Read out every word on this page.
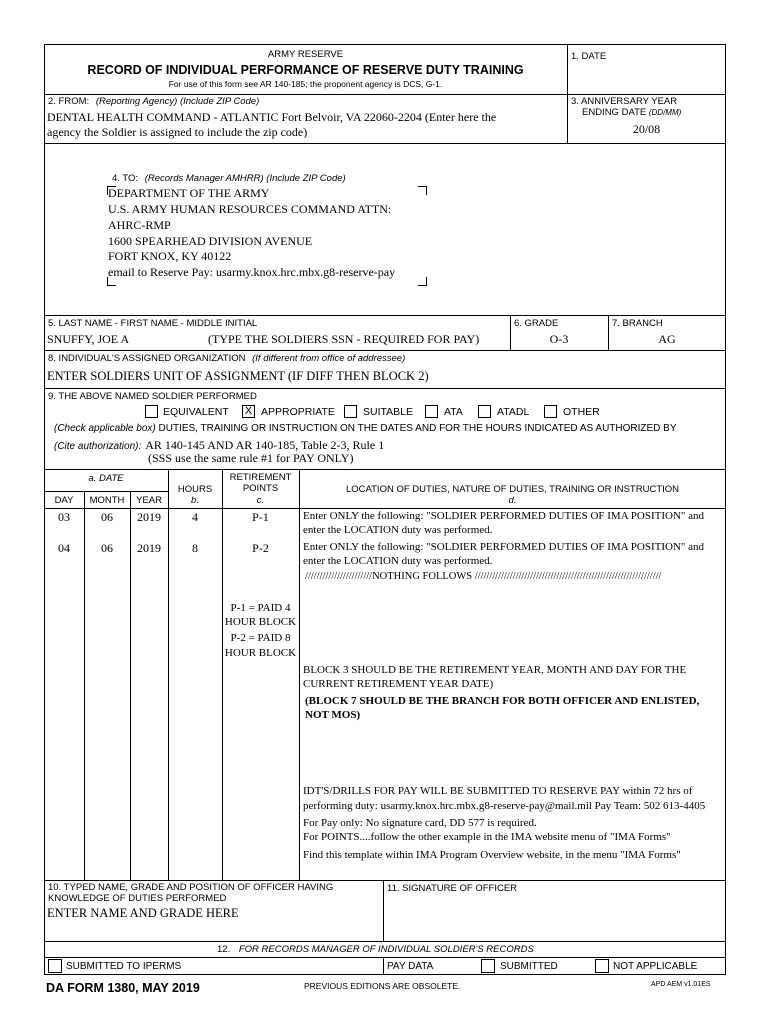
ARMY RESERVE
RECORD OF INDIVIDUAL PERFORMANCE OF RESERVE DUTY TRAINING
For use of this form see AR 140-185; the proponent agency is DCS, G-1.
1. DATE
2. FROM: (Reporting Agency) (Include ZIP Code)
DENTAL HEALTH COMMAND - ATLANTIC Fort Belvoir, VA 22060-2204 (Enter here the
agency the Soldier is assigned to include the zip code)
3. ANNIVERSARY YEAR
ENDING DATE (DD/MM)
20/08
4. TO: (Records Manager AMHRR) (Include ZIP Code)
DEPARTMENT OF THE ARMY
U.S. ARMY HUMAN RESOURCES COMMAND ATTN:
AHRC-RMP
1600 SPEARHEAD DIVISION AVENUE
FORT KNOX, KY 40122
email to Reserve Pay: usarmy.knox.hrc.mbx.g8-reserve-pay
5. LAST NAME - FIRST NAME - MIDDLE INITIAL
SNUFFY, JOE A	(TYPE THE SOLDIERS SSN - REQUIRED FOR PAY)
6. GRADE
O-3
7. BRANCH
AG
8. INDIVIDUAL'S ASSIGNED ORGANIZATION (If different from office of addressee)
ENTER SOLDIERS UNIT OF ASSIGNMENT (IF DIFF THEN BLOCK 2)
9. THE ABOVE NAMED SOLDIER PERFORMED
EQUIVALENT X APPROPRIATE	SUITABLE	ATA	ATADL	OTHER
(Check applicable box) DUTIES, TRAINING OR INSTRUCTION ON THE DATES AND FOR THE HOURS INDICATED AS AUTHORIZED BY
(Cite authorization): AR 140-145 AND AR 140-185, Table 2-3, Rule 1
(SSS use the same rule #1 for PAY ONLY)
a. DATE
DAY	MONTH	YEAR
HOURS
b.
RETIREMENT
POINTS
c.
LOCATION OF DUTIES, NATURE OF DUTIES, TRAINING OR INSTRUCTION
d.
03	06	2019	4	P-1	Enter ONLY the following: "SOLDIER PERFORMED DUTIES OF IMA POSITION" and
enter the LOCATION duty was performed.
04	06	2019	8	P-2	Enter ONLY the following: "SOLDIER PERFORMED DUTIES OF IMA POSITION" and
enter the LOCATION duty was performed.
///////////////////////NOTHING FOLLOWS ////////////////////////////////////////////////////////////////
P-1 = PAID 4
HOUR BLOCK
P-2 = PAID 8
HOUR BLOCK
BLOCK 3 SHOULD BE THE RETIREMENT YEAR, MONTH AND DAY FOR THE
CURRENT RETIREMENT YEAR DATE)
(BLOCK 7 SHOULD BE THE BRANCH FOR BOTH OFFICER AND ENLISTED,
NOT MOS)
IDT'S/DRILLS FOR PAY WILL BE SUBMITTED TO RESERVE PAY within 72 hrs of
performing duty: usarmy.knox.hrc.mbx.g8-reserve-pay@mail.mil Pay Team: 502 613-4405
For Pay only: No signature card, DD 577 is required.
For POINTS....follow the other example in the IMA website menu of "IMA Forms"
Find this template within IMA Program Overview website, in the menu "IMA Forms"
10. TYPED NAME, GRADE AND POSITION OF OFFICER HAVING
KNOWLEDGE OF DUTIES PERFORMED
ENTER NAME AND GRADE HERE
11. SIGNATURE OF OFFICER
12. FOR RECORDS MANAGER OF INDIVIDUAL SOLDIER'S RECORDS
SUBMITTED TO IPERMS	PAY DATA	SUBMITTED	NOT APPLICABLE
DA FORM 1380, MAY 2019	PREVIOUS EDITIONS ARE OBSOLETE.	APD AEM v1.01ES
